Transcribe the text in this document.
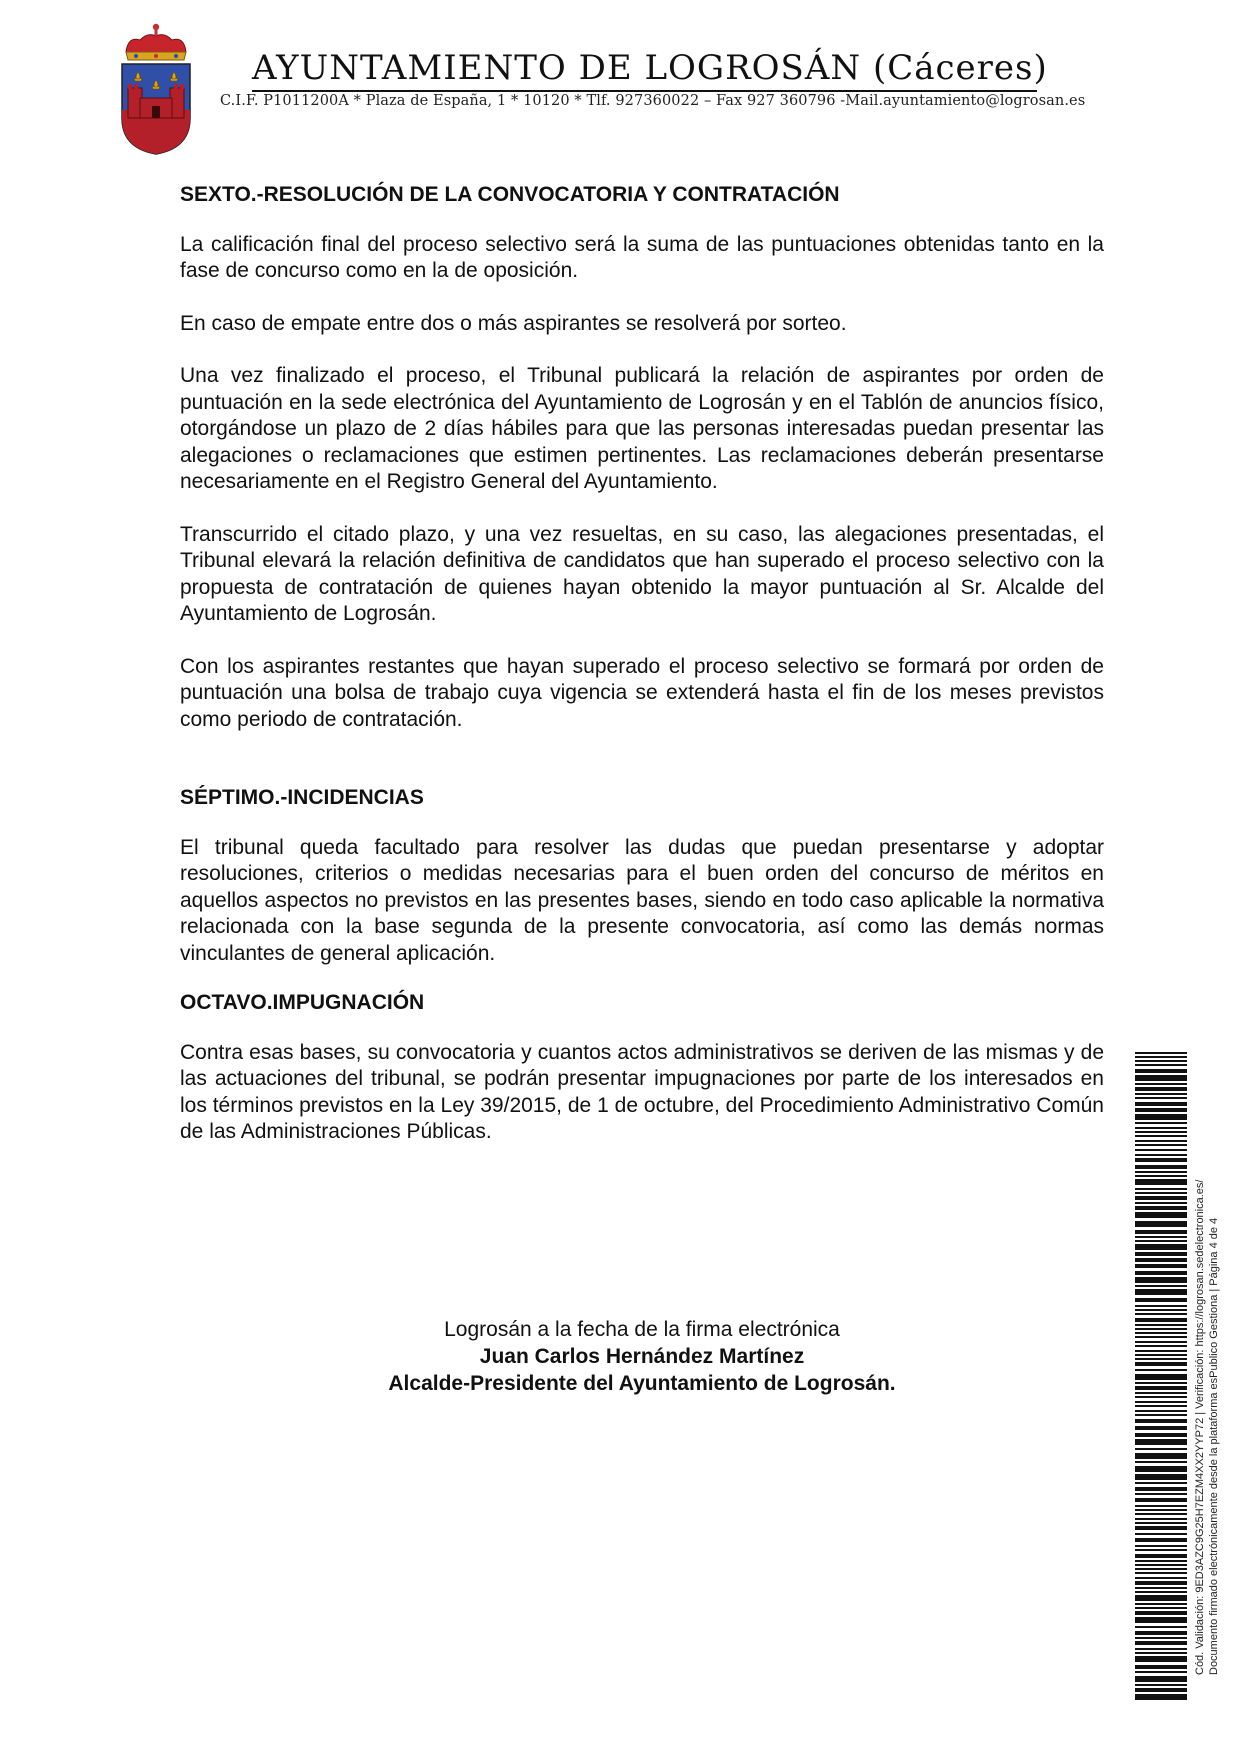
AYUNTAMIENTO DE LOGROSÁN (Cáceres)
C.I.F. P1011200A * Plaza de España, 1 * 10120 * Tlf. 927360022 – Fax 927 360796 -Mail.ayuntamiento@logrosan.es

SEXTO.-RESOLUCIÓN DE LA CONVOCATORIA Y CONTRATACIÓN

La calificación final del proceso selectivo será la suma de las puntuaciones obtenidas tanto en la fase de concurso como en la de oposición.

En caso de empate entre dos o más aspirantes se resolverá por sorteo.

Una vez finalizado el proceso, el Tribunal publicará la relación de aspirantes por orden de puntuación en la sede electrónica del Ayuntamiento de Logrosán y en el Tablón de anuncios físico, otorgándose un plazo de 2 días hábiles para que las personas interesadas puedan presentar las alegaciones o reclamaciones que estimen pertinentes. Las reclamaciones deberán presentarse necesariamente en el Registro General del Ayuntamiento.

Transcurrido el citado plazo, y una vez resueltas, en su caso, las alegaciones presentadas, el Tribunal elevará la relación definitiva de candidatos que han superado el proceso selectivo con la propuesta de contratación de quienes hayan obtenido la mayor puntuación al Sr. Alcalde del Ayuntamiento de Logrosán.

Con los aspirantes restantes que hayan superado el proceso selectivo se formará por orden de puntuación una bolsa de trabajo cuya vigencia se extenderá hasta el fin de los meses previstos como periodo de contratación.

SÉPTIMO.-INCIDENCIAS

El tribunal queda facultado para resolver las dudas que puedan presentarse y adoptar resoluciones, criterios o medidas necesarias para el buen orden del concurso de méritos en aquellos aspectos no previstos en las presentes bases, siendo en todo caso aplicable la normativa relacionada con la base segunda de la presente convocatoria, así como las demás normas vinculantes de general aplicación.

OCTAVO.IMPUGNACIÓN

Contra esas bases, su convocatoria y cuantos actos administrativos se deriven de las mismas y de las actuaciones del tribunal, se podrán presentar impugnaciones por parte de los interesados en los términos previstos en la Ley 39/2015, de 1 de octubre, del Procedimiento Administrativo Común de las Administraciones Públicas.

Logrosán a la fecha de la firma electrónica

Juan Carlos Hernández Martínez

Alcalde-Presidente del Ayuntamiento de Logrosán.	Cód. Validación: 9ED3AZC9G25H7EZM4XX2YYP72 | Verificación: https://logrosan.sedelectronica.es/ Documento firmado electrónicamente desde la plataforma esPublico Gestiona | Página 4 de 4
